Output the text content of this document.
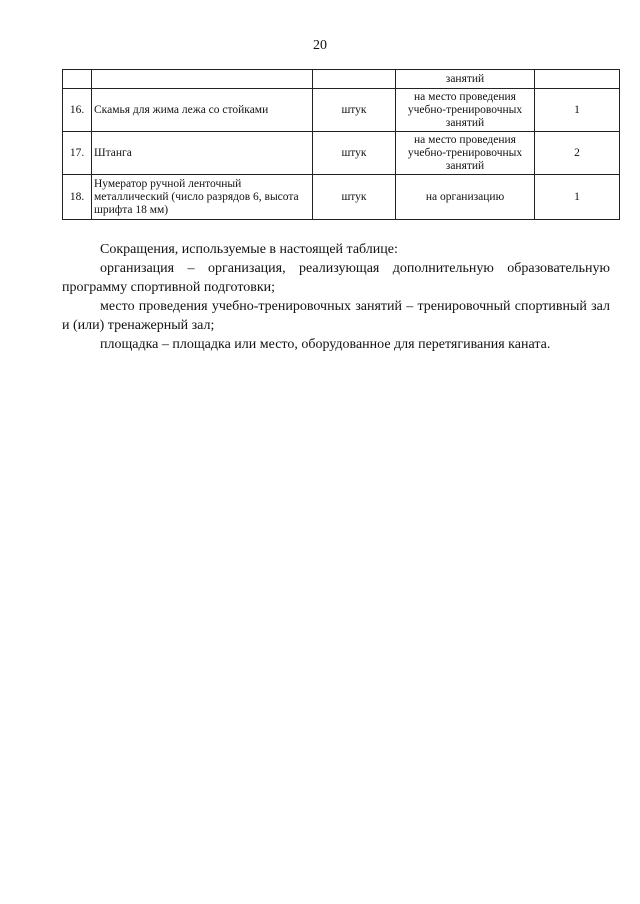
20
			занятий	
16.	Скамья для жима лежа со стойками	штук	на место проведения учебно-тренировочных занятий	1
17.	Штанга	штук	на место проведения учебно-тренировочных занятий	2
18.	Нумератор ручной ленточный металлический (число разрядов 6, высота шрифта 18 мм)	штук	на организацию	1

Сокращения, используемые в настоящей таблице:

организация – организация, реализующая дополнительную образовательную программу спортивной подготовки;

место проведения учебно-тренировочных занятий – тренировочный спортивный зал и (или) тренажерный зал;

площадка – площадка или место, оборудованное для перетягивания каната.
